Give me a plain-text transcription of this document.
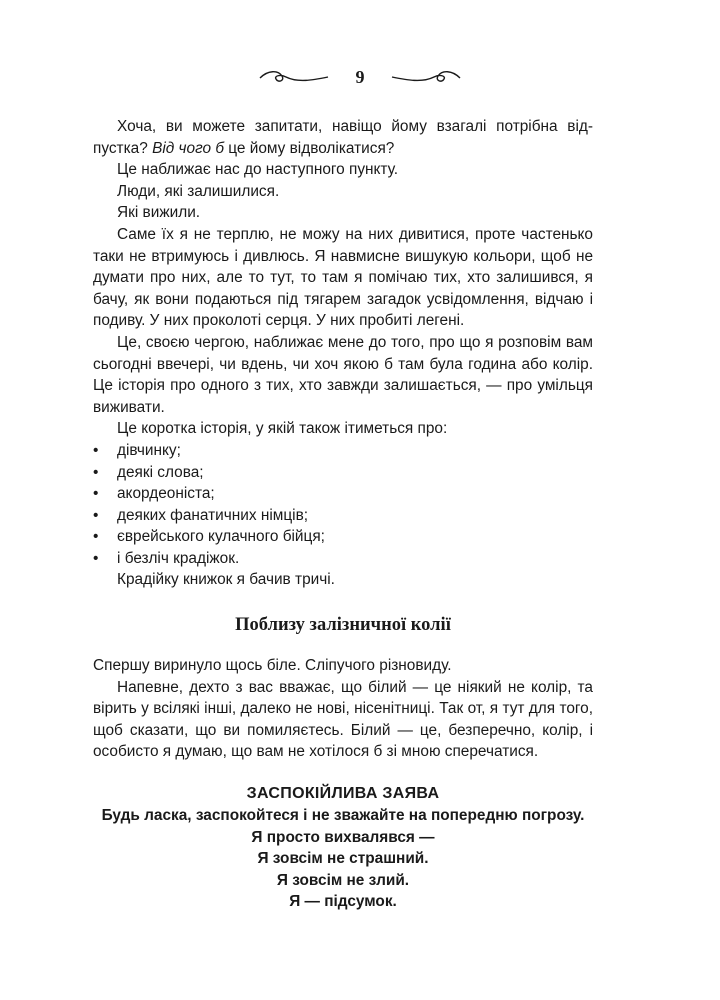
9

Хоча, ви можете запитати, навіщо йому взагалі потрібна відпустка? Від чого б це йому відволікатися?

Це наближає нас до наступного пункту.

Люди, які залишилися.

Які вижили.

Саме їх я не терплю, не можу на них дивитися, проте частенько таки не втримуюсь і дивлюсь. Я навмисне вишукую кольори, щоб не думати про них, але то тут, то там я помічаю тих, хто залишився, я бачу, як вони подаються під тягарем загадок усвідомлення, відчаю і подиву. У них проколоті серця. У них пробиті легені.

Це, своєю чергою, наближає мене до того, про що я розповім вам сьогодні ввечері, чи вдень, чи хоч якою б там була година або колір. Це історія про одного з тих, хто завжди залишається, — про умільця виживати.

Це коротка історія, у якій також ітиметься про:

• дівчинку;
• деякі слова;
• акордеоніста;
• деяких фанатичних німців;
• єврейського кулачного бійця;
• і безліч крадіжок.

Крадійку книжок я бачив тричі.

Поблизу залізничної колії

Спершу виринуло щось біле. Сліпучого різновиду.

Напевне, дехто з вас вважає, що білий — це ніякий не колір, та вірить у всілякі інші, далеко не нові, нісенітниці. Так от, я тут для того, щоб сказати, що ви помиляєтесь. Білий — це, безперечно, колір, і особисто я думаю, що вам не хотілося б зі мною сперечатися.

ЗАСПОКІЙЛИВА ЗАЯВА
Будь ласка, заспокойтеся і не зважайте на попередню погрозу.
Я просто вихвалявся —
Я зовсім не страшний.
Я зовсім не злий.
Я — підсумок.
